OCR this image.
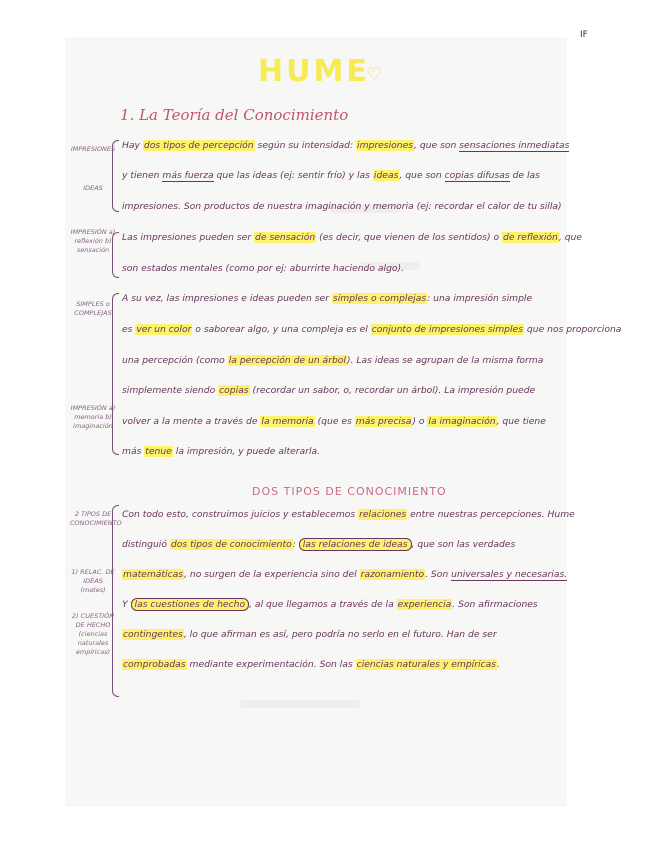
IF
HUME
♡
1. La Teoría del Conocimiento
DOS TIPOS DE CONOCIMIENTO
IMPRESIONES
IDEAS
IMPRESIÓN a) reflexión b) sensación
SIMPLES o COMPLEJAS
IMPRESIÓN a) memoria b) imaginación
2 TIPOS DE CONOCIMIENTO
1) RELAC. DE IDEAS (mates)
2) CUESTIÓN DE HECHO (ciencias naturales empíricas)
Hay dos tipos de percepción según su intensidad: impresiones, que son sensaciones inmediatas
y tienen más fuerza que las ideas (ej: sentir frío) y las ideas, que son copias difusas de las
impresiones. Son productos de nuestra imaginación y memoria (ej: recordar el calor de tu silla)
Las impresiones pueden ser de sensación (es decir, que vienen de los sentidos) o de reflexión, que
son estados mentales (como por ej: aburrirte haciendo algo).
A su vez, las impresiones e ideas pueden ser simples o complejas: una impresión simple
es ver un color o saborear algo, y una compleja es el conjunto de impresiones simples que nos proporciona
una percepción (como la percepción de un árbol). Las ideas se agrupan de la misma forma
simplemente siendo copias (recordar un sabor, o, recordar un árbol). La impresión puede
volver a la mente a través de la memoria (que es más precisa) o la imaginación, que tiene
más tenue la impresión, y puede alterarla.
Con todo esto, construimos juicios y establecemos relaciones entre nuestras percepciones. Hume
distinguió dos tipos de conocimiento: las relaciones de ideas , que son las verdades
matemáticas, no surgen de la experiencia sino del razonamiento. Son universales y necesarias.
Y las cuestiones de hecho , al que llegamos a través de la experiencia. Son afirmaciones
contingentes, lo que afirman es así, pero podría no serlo en el futuro. Han de ser
comprobadas mediante experimentación. Son las ciencias naturales y empíricas.
